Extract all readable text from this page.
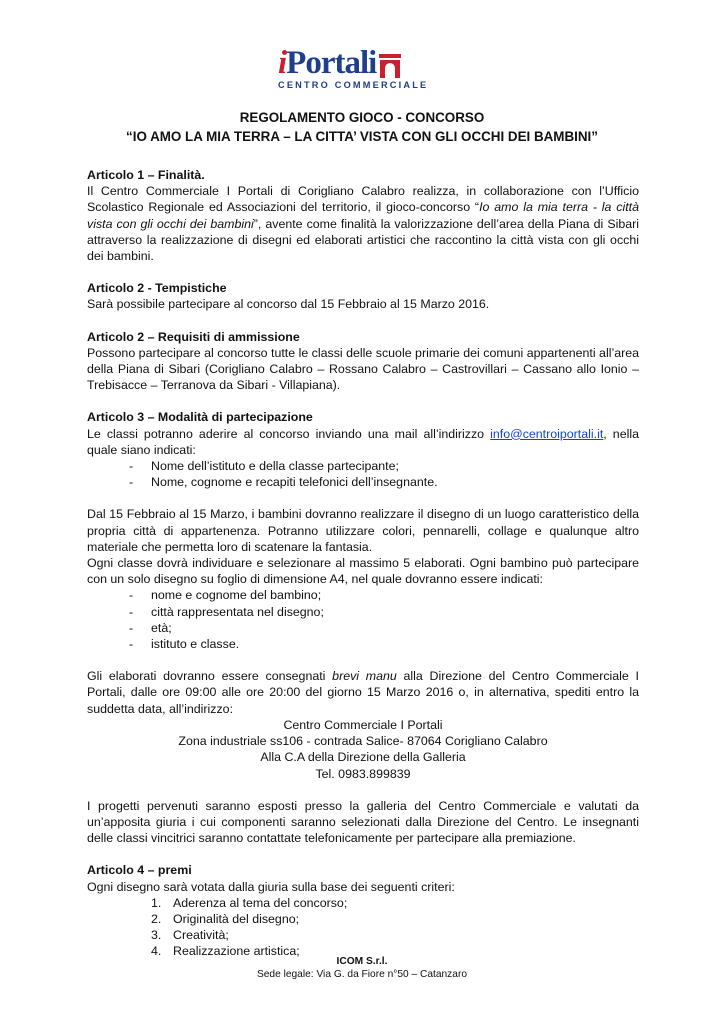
iPortali
CENTRO COMMERCIALE
REGOLAMENTO GIOCO - CONCORSO
“IO AMO LA MIA TERRA – LA CITTA’ VISTA CON GLI OCCHI DEI BAMBINI”
Articolo 1 – Finalità.

Il Centro Commerciale I Portali di Corigliano Calabro realizza, in collaborazione con l’Ufficio Scolastico Regionale ed Associazioni del territorio, il gioco-concorso “Io amo la mia terra - la città vista con gli occhi dei bambini”, avente come finalità la valorizzazione dell’area della Piana di Sibari attraverso la realizzazione di disegni ed elaborati artistici che raccontino la città vista con gli occhi dei bambini.

Articolo 2 - Tempistiche

Sarà possibile partecipare al concorso dal 15 Febbraio al 15 Marzo 2016.

Articolo 2 – Requisiti di ammissione

Possono partecipare al concorso tutte le classi delle scuole primarie dei comuni appartenenti all’area della Piana di Sibari (Corigliano Calabro – Rossano Calabro – Castrovillari – Cassano allo Ionio – Trebisacce – Terranova da Sibari - Villapiana).

Articolo 3 – Modalità di partecipazione

Le classi potranno aderire al concorso inviando una mail all’indirizzo info@centroiportali.it, nella quale siano indicati:

- Nome dell’istituto e della classe partecipante;
- Nome, cognome e recapiti telefonici dell’insegnante.

Dal 15 Febbraio al 15 Marzo, i bambini dovranno realizzare il disegno di un luogo caratteristico della propria città di appartenenza. Potranno utilizzare colori, pennarelli, collage e qualunque altro materiale che permetta loro di scatenare la fantasia.

Ogni classe dovrà individuare e selezionare al massimo 5 elaborati. Ogni bambino può partecipare con un solo disegno su foglio di dimensione A4, nel quale dovranno essere indicati:

- nome e cognome del bambino;
- città rappresentata nel disegno;
- età;
- istituto e classe.

Gli elaborati dovranno essere consegnati brevi manu alla Direzione del Centro Commerciale I Portali, dalle ore 09:00 alle ore 20:00 del giorno 15 Marzo 2016 o, in alternativa, spediti entro la suddetta data, all’indirizzo:

Centro Commerciale I Portali
Zona industriale ss106 - contrada Salice- 87064 Corigliano Calabro
Alla C.A della Direzione della Galleria
Tel. 0983.899839

I progetti pervenuti saranno esposti presso la galleria del Centro Commerciale e valutati da un’apposita giuria i cui componenti saranno selezionati dalla Direzione del Centro. Le insegnanti delle classi vincitrici saranno contattate telefonicamente per partecipare alla premiazione.

Articolo 4 – premi

Ogni disegno sarà votata dalla giuria sulla base dei seguenti criteri:

1. Aderenza al tema del concorso;
2. Originalità del disegno;
3. Creatività;
4. Realizzazione artistica;
ICOM S.r.l.
Sede legale: Via G. da Fiore n°50 – Catanzaro
